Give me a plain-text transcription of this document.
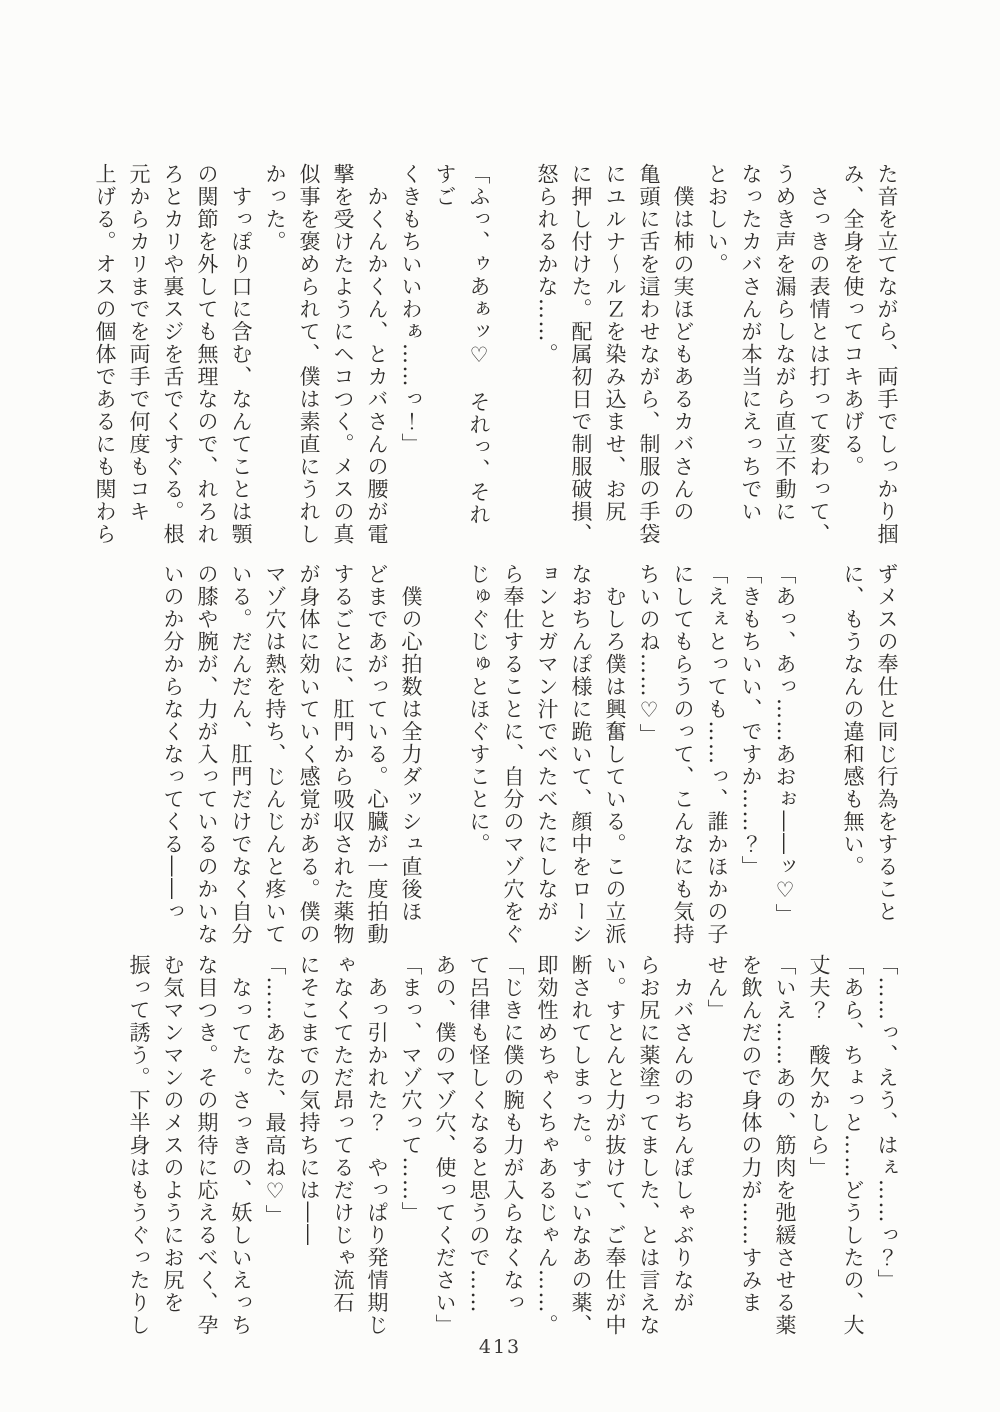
た音を立てながら、両手でしっかり掴

み、全身を使ってコキあげる。

　さっきの表情とは打って変わって、

うめき声を漏らしながら直立不動に

なったカバさんが本当にえっちでい

とおしい。

　僕は柿の実ほどもあるカバさんの

亀頭に舌を這わせながら、制服の手袋

にユルナ～ルＺを染み込ませ、お尻

に押し付けた。配属初日で制服破損、

怒られるかな……。

「ふっ、ゥあぁッ♡　それっ、それすご

くきもちいいわぁ……っ！」

　かくんかくん、とカバさんの腰が電

撃を受けたようにヘコつく。メスの真

似事を褒められて、僕は素直にうれし

かった。

　すっぽり口に含む、なんてことは顎

の関節を外しても無理なので、れろれ

ろとカリや裏スジを舌でくすぐる。根

元からカリまでを両手で何度もコキ

上げる。オスの個体であるにも関わら

ずメスの奉仕と同じ行為をすること

に、もうなんの違和感も無い。

「あっ、あっ……あおぉ――ッ♡」

「きもちいい、ですか……？」

「えぇとっても……っ、誰かほかの子

にしてもらうのって、こんなにも気持

ちいのね……♡」

　むしろ僕は興奮している。この立派

なおちんぽ様に跪いて、顔中をローシ

ョンとガマン汁でべたべたにしなが

ら奉仕することに、自分のマゾ穴をぐ

じゅぐじゅとほぐすことに。

　僕の心拍数は全力ダッシュ直後ほ

どまであがっている。心臓が一度拍動

するごとに、肛門から吸収された薬物

が身体に効いていく感覚がある。僕の

マゾ穴は熱を持ち、じんじんと疼いて

いる。だんだん、肛門だけでなく自分

の膝や腕が、力が入っているのかいな

いのか分からなくなってくる――っ

「……っ、えう、はぇ……っ？」

「あら、ちょっと……どうしたの、大

丈夫？　酸欠かしら」

「いえ……あの、筋肉を弛緩させる薬

を飲んだので身体の力が……すみま

せん」

　カバさんのおちんぽしゃぶりなが

らお尻に薬塗ってました、とは言えな

い。すとんと力が抜けて、ご奉仕が中

断されてしまった。すごいなあの薬、

即効性めちゃくちゃあるじゃん……。

「じきに僕の腕も力が入らなくなっ

て呂律も怪しくなると思うので……

あの、僕のマゾ穴、使ってください」

「まっ、マゾ穴って……」

　あっ引かれた？　やっぱり発情期じ

ゃなくてただ昂ってるだけじゃ流石

にそこまでの気持ちには――

「……あなた、最高ね♡」

　なってた。さっきの、妖しいえっち

な目つき。その期待に応えるべく、孕

む気マンマンのメスのようにお尻を

振って誘う。下半身はもうぐったりし

413
